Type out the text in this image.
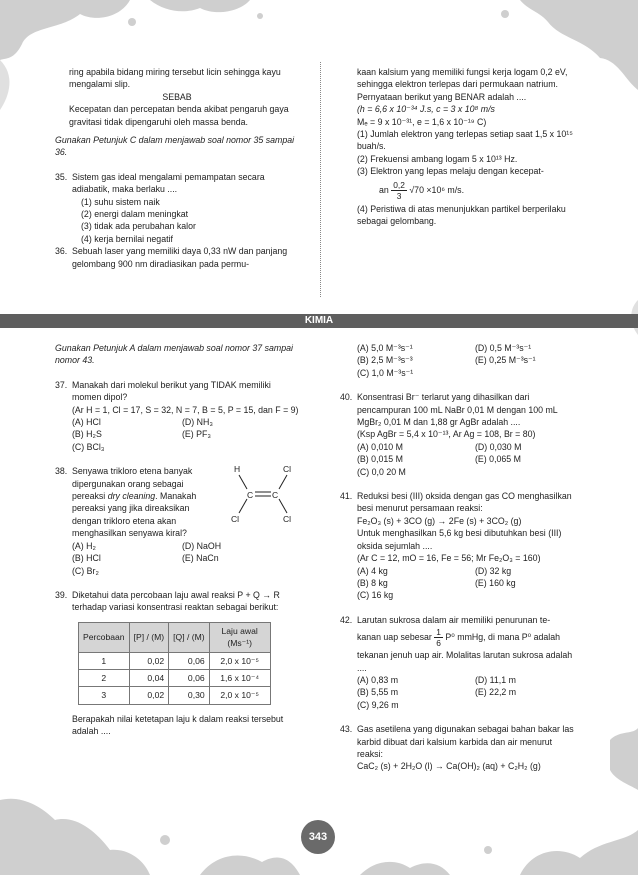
ring apabila bidang miring tersebut licin sehingga kayu mengalami slip.

SEBAB

Kecepatan dan percepatan benda akibat pengaruh gaya gravitasi tidak dipengaruhi oleh massa benda.

Gunakan Petunjuk C dalam menjawab soal nomor 35 sampai 36.

35. Sistem gas ideal mengalami pemampatan secara adiabatik, maka berlaku ....

(1) suhu sistem naik

(2) energi dalam meningkat

(3) tidak ada perubahan kalor

(4) kerja bernilai negatif

36. Sebuah laser yang memiliki daya 0,33 nW dan panjang gelombang 900 nm diradiasikan pada permu-

kaan kalsium yang memiliki fungsi kerja logam 0,2 eV, sehingga elektron terlepas dari permukaan natrium. Pernyataan berikut yang BENAR adalah ....

(h = 6,6 x 10⁻³⁴ J.s, c = 3 x 10⁸ m/s

Mₑ = 9 x 10⁻³¹, e = 1,6 x 10⁻¹⁹ C)

(1) Jumlah elektron yang terlepas setiap saat 1,5 x 10¹⁵ buah/s.

(2) Frekuensi ambang logam 5 x 10¹³ Hz.

(3) Elektron yang lepas melaju dengan kecepat-

an $\frac{0,2}{3} √70 \times 10^6$ m/s.

(4) Peristiwa di atas menunjukkan partikel berperilaku sebagai gelombang.

KIMIA

Gunakan Petunjuk A dalam menjawab soal nomor 37 sampai nomor 43.

37. Manakah dari molekul berikut yang TIDAK memiliki momen dipol?

(Ar H = 1, Cl = 17, S = 32, N = 7, B = 5, P = 15, dan F = 9)

(A) HCl	(D) NH₃
(B) H₂S	(E) PF₃
(C) BCl₃
38.	H
C C
Cl
Cl	Cl

Senyawa trikloro etena banyak dipergunakan orang sebagai pereaksi dry cleaning. Manakah pereaksi yang jika direaksikan dengan trikloro etena akan menghasilkan senyawa kiral?

(A) H₂	(D) NaOH
(B) HCl	(E) NaCn
(C) Br₂
39. Diketahui data percobaan laju awal reaksi P + Q → R terhadap variasi konsentrasi reaktan sebagai berikut:

Percobaan	[P] / (M)	[Q] / (M)	Laju awal (Ms⁻¹)
1	0,02	0,06	2,0 x 10⁻⁵
2	0,04	0,06	1,6 x 10⁻⁴
3	0,02	0,30	2,0 x 10⁻⁵

Berapakah nilai ketetapan laju k dalam reaksi tersebut adalah ....

(A) 5,0 M⁻³s⁻¹	(D) 0,5 M⁻³s⁻¹
(B) 2,5 M⁻³s⁻³	(E) 0,25 M⁻³s⁻¹
(C) 1,0 M⁻³s⁻¹
40. Konsentrasi Br⁻ terlarut yang dihasilkan dari pencampuran 100 mL NaBr 0,01 M dengan 100 mL MgBr₂ 0,01 M dan 1,88 gr AgBr adalah ....

(Ksp AgBr = 5,4 x 10⁻¹³, Ar Ag = 108, Br = 80)

(A) 0,010 M	(D) 0,030 M
(B) 0,015 M	(E) 0,065 M
(C) 0,0 20 M
41. Reduksi besi (III) oksida dengan gas CO menghasilkan besi menurut persamaan reaksi:

Fe₂O₃ (s) + 3CO (g) → 2Fe (s) + 3CO₂ (g)

Untuk menghasilkan 5,6 kg besi dibutuhkan besi (III) oksida sejumlah ....

(Ar C = 12, mO = 16, Fe = 56; Mr Fe₂O₃ = 160)

(A) 4 kg	(D) 32 kg
(B) 8 kg	(E) 160 kg
(C) 16 kg
42. Larutan sukrosa dalam air memiliki penurunan te-

kanan uap sebesar $\frac{1}{6} P^0$ mmHg, di mana P⁰ adalah

tekanan jenuh uap air. Molalitas larutan sukrosa adalah ....

(A) 0,83 m	(D) 11,1 m
(B) 5,55 m	(E) 22,2 m
(C) 9,26 m
43. Gas asetilena yang digunakan sebagai bahan bakar las karbid dibuat dari kalsium karbida dan air menurut reaksi:

CaC₂ (s) + 2H₂O (l) → Ca(OH)₂ (aq) + C₂H₂ (g)

343
